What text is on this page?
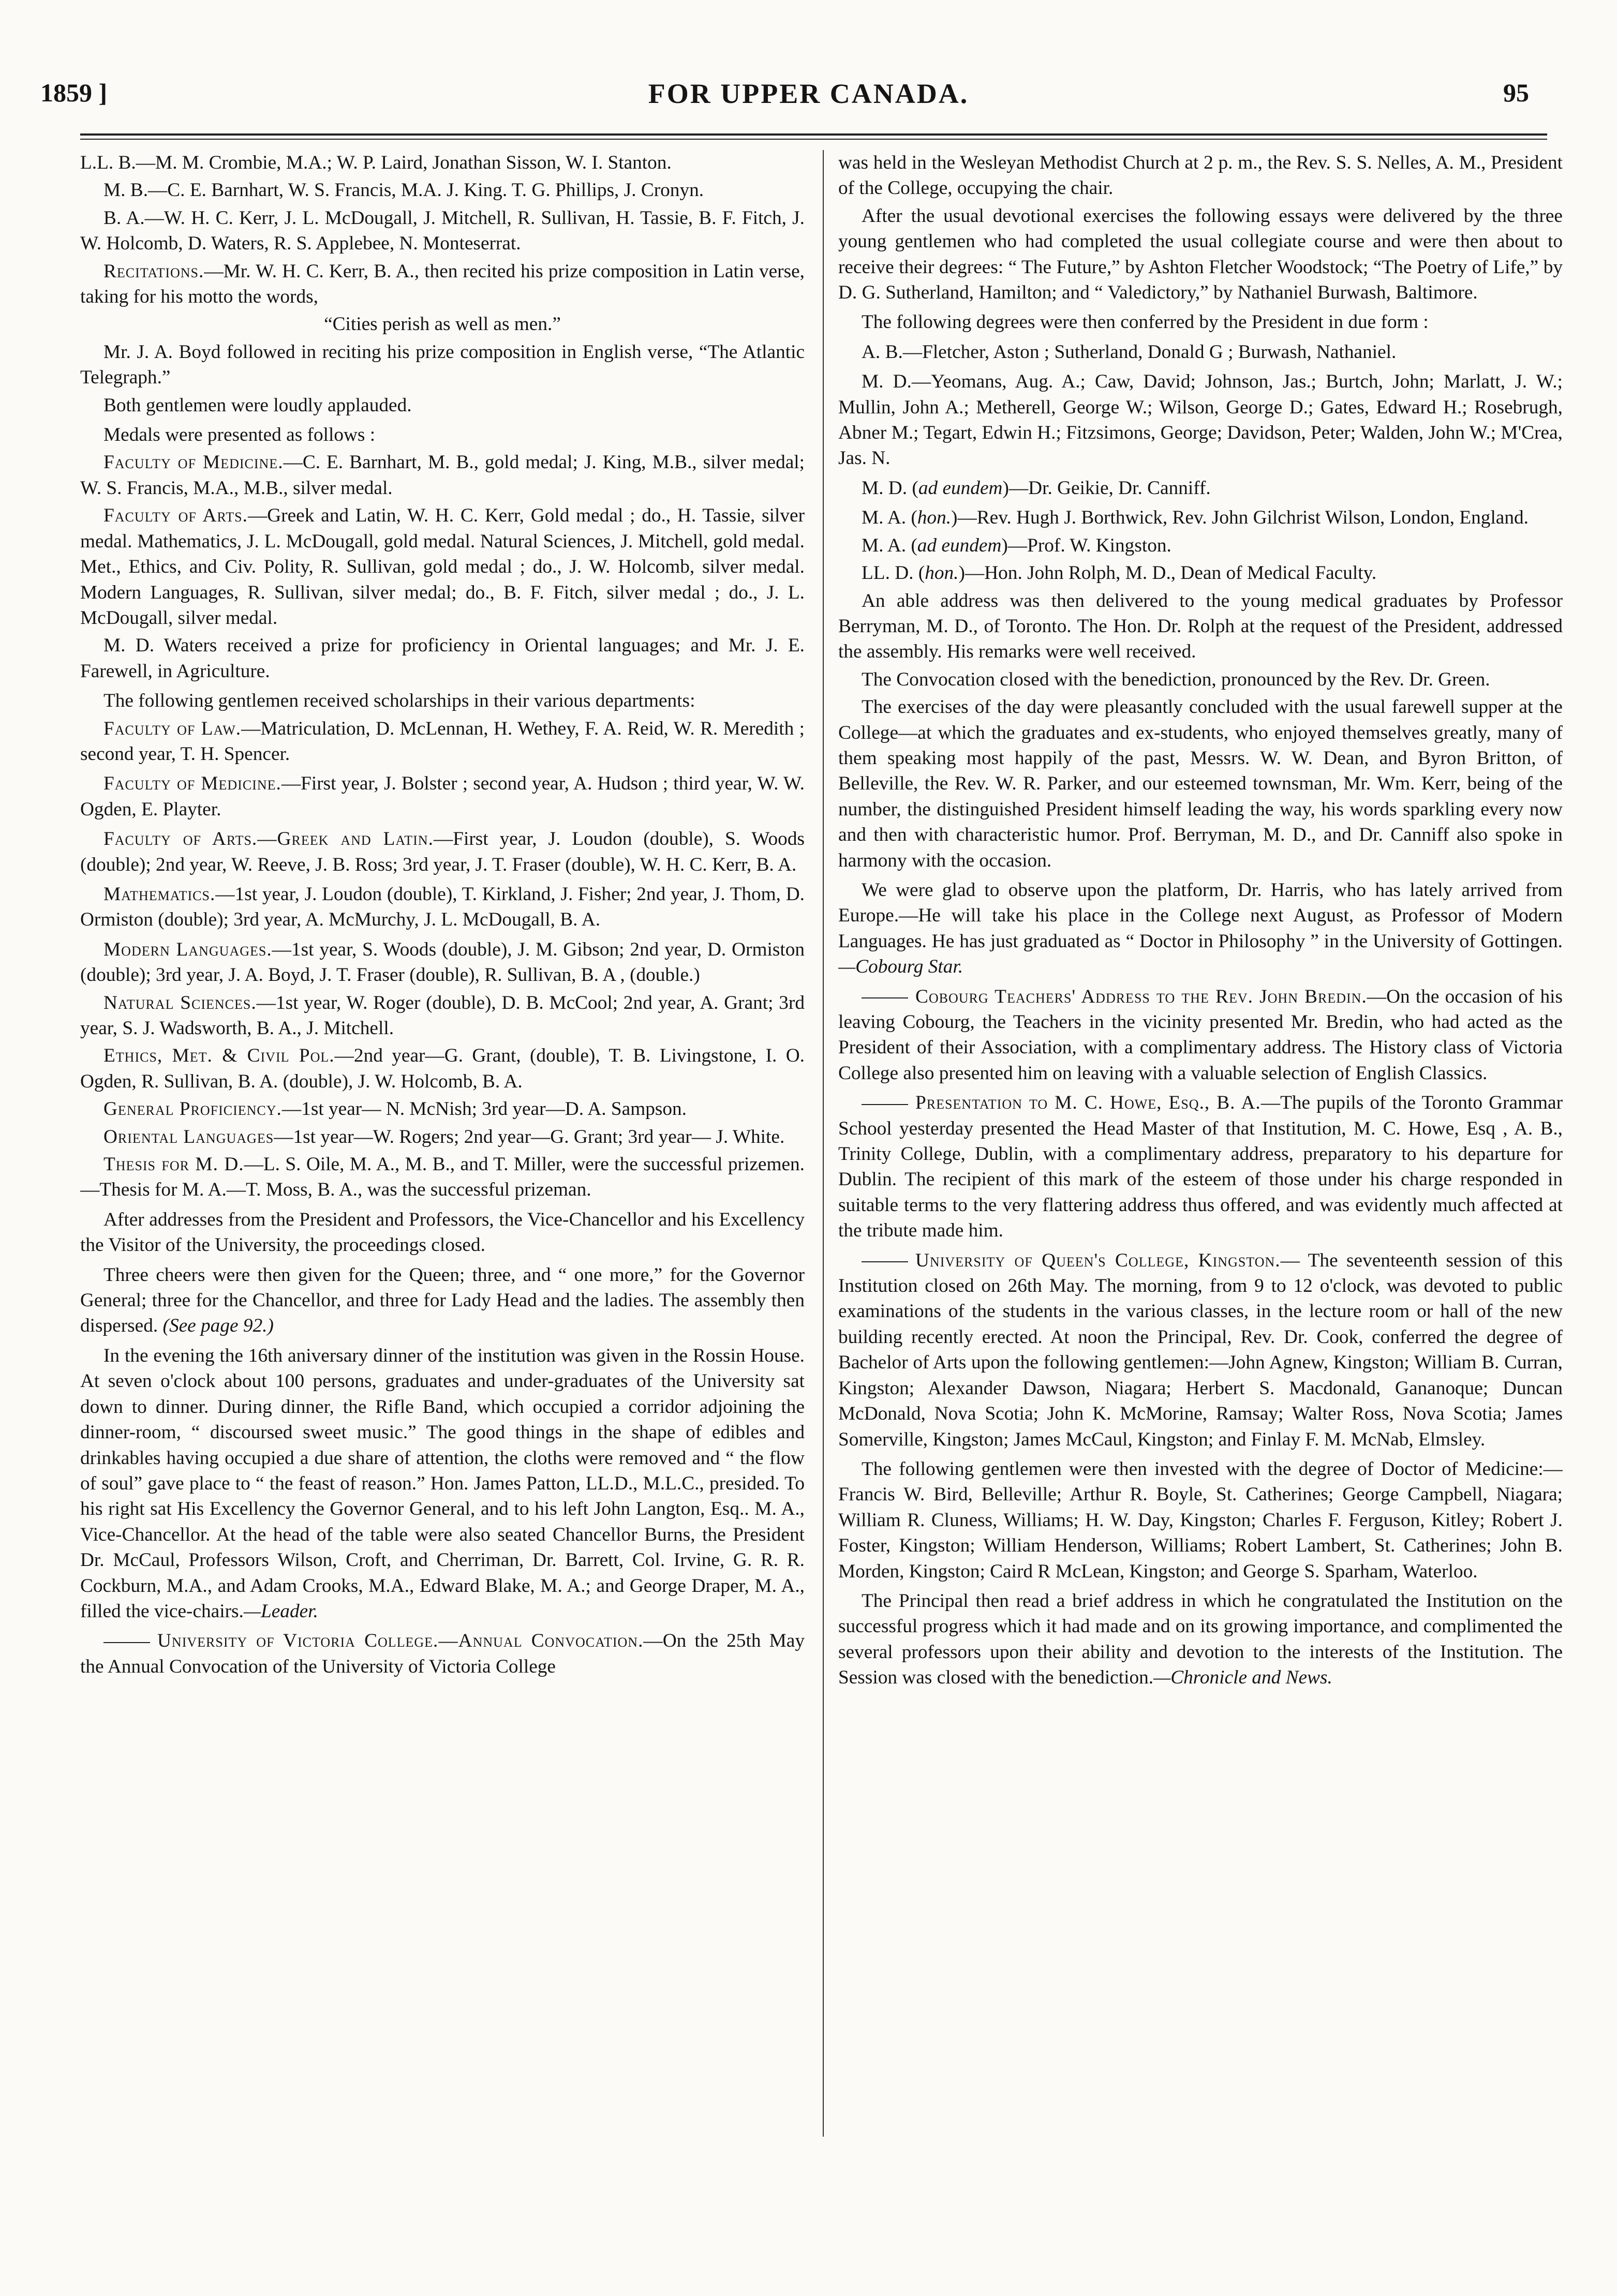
1859 ]	FOR UPPER CANADA.	95

L.L. B.—M. M. Crombie, M.A.; W. P. Laird, Jonathan Sisson, W. I. Stanton.

M. B.—C. E. Barnhart, W. S. Francis, M.A. J. King. T. G. Phillips, J. Cronyn.

B. A.—W. H. C. Kerr, J. L. McDougall, J. Mitchell, R. Sullivan, H. Tassie, B. F. Fitch, J. W. Holcomb, D. Waters, R. S. Applebee, N. Monteserrat.

Recitations.—Mr. W. H. C. Kerr, B. A., then recited his prize composition in Latin verse, taking for his motto the words,

“Cities perish as well as men.”

Mr. J. A. Boyd followed in reciting his prize composition in English verse, “The Atlantic Telegraph.”

Both gentlemen were loudly applauded.

Medals were presented as follows :

Faculty of Medicine.—C. E. Barnhart, M. B., gold medal; J. King, M.B., silver medal; W. S. Francis, M.A., M.B., silver medal.

Faculty of Arts.—Greek and Latin, W. H. C. Kerr, Gold medal ; do., H. Tassie, silver medal. Mathematics, J. L. McDougall, gold medal. Natural Sciences, J. Mitchell, gold medal. Met., Ethics, and Civ. Polity, R. Sullivan, gold medal ; do., J. W. Holcomb, silver medal. Modern Languages, R. Sullivan, silver medal; do., B. F. Fitch, silver medal ; do., J. L. McDougall, silver medal.

M. D. Waters received a prize for proficiency in Oriental languages; and Mr. J. E. Farewell, in Agriculture.

The following gentlemen received scholarships in their various departments:

Faculty of Law.—Matriculation, D. McLennan, H. Wethey, F. A. Reid, W. R. Meredith ; second year, T. H. Spencer.

Faculty of Medicine.—First year, J. Bolster ; second year, A. Hudson ; third year, W. W. Ogden, E. Playter.

Faculty of Arts.—Greek and Latin.—First year, J. Loudon (double), S. Woods (double); 2nd year, W. Reeve, J. B. Ross; 3rd year, J. T. Fraser (double), W. H. C. Kerr, B. A.

Mathematics.—1st year, J. Loudon (double), T. Kirkland, J. Fisher; 2nd year, J. Thom, D. Ormiston (double); 3rd year, A. McMurchy, J. L. McDougall, B. A.

Modern Languages.—1st year, S. Woods (double), J. M. Gibson; 2nd year, D. Ormiston (double); 3rd year, J. A. Boyd, J. T. Fraser (double), R. Sullivan, B. A , (double.)

Natural Sciences.—1st year, W. Roger (double), D. B. McCool; 2nd year, A. Grant; 3rd year, S. J. Wadsworth, B. A., J. Mitchell.

Ethics, Met. & Civil Pol.—2nd year—G. Grant, (double), T. B. Livingstone, I. O. Ogden, R. Sullivan, B. A. (double), J. W. Holcomb, B. A.

General Proficiency.—1st year— N. McNish; 3rd year—D. A. Sampson.

Oriental Languages—1st year—W. Rogers; 2nd year—G. Grant; 3rd year— J. White.

Thesis for M. D.—L. S. Oile, M. A., M. B., and T. Miller, were the successful prizemen.—Thesis for M. A.—T. Moss, B. A., was the successful prizeman.

After addresses from the President and Professors, the Vice-Chancellor and his Excellency the Visitor of the University, the proceedings closed.

Three cheers were then given for the Queen; three, and “ one more,” for the Governor General; three for the Chancellor, and three for Lady Head and the ladies. The assembly then dispersed. (See page 92.)

In the evening the 16th aniversary dinner of the institution was given in the Rossin House. At seven o'clock about 100 persons, graduates and under-graduates of the University sat down to dinner. During dinner, the Rifle Band, which occupied a corridor adjoining the dinner-room, “ discoursed sweet music.” The good things in the shape of edibles and drinkables having occupied a due share of attention, the cloths were removed and “ the flow of soul” gave place to “ the feast of reason.” Hon. James Patton, LL.D., M.L.C., presided. To his right sat His Excellency the Governor General, and to his left John Langton, Esq.. M. A., Vice-Chancellor. At the head of the table were also seated Chancellor Burns, the President Dr. McCaul, Professors Wilson, Croft, and Cherriman, Dr. Barrett, Col. Irvine, G. R. R. Cockburn, M.A., and Adam Crooks, M.A., Edward Blake, M. A.; and George Draper, M. A., filled the vice-chairs.—Leader.

University of Victoria College.—Annual Convocation.—On the 25th May the Annual Convocation of the University of Victoria College

was held in the Wesleyan Methodist Church at 2 p. m., the Rev. S. S. Nelles, A. M., President of the College, occupying the chair.

After the usual devotional exercises the following essays were delivered by the three young gentlemen who had completed the usual collegiate course and were then about to receive their degrees: “ The Future,” by Ashton Fletcher Woodstock; “The Poetry of Life,” by D. G. Sutherland, Hamilton; and “ Valedictory,” by Nathaniel Burwash, Baltimore.

The following degrees were then conferred by the President in due form :

A. B.—Fletcher, Aston ; Sutherland, Donald G ; Burwash, Nathaniel.

M. D.—Yeomans, Aug. A.; Caw, David; Johnson, Jas.; Burtch, John; Marlatt, J. W.; Mullin, John A.; Metherell, George W.; Wilson, George D.; Gates, Edward H.; Rosebrugh, Abner M.; Tegart, Edwin H.; Fitzsimons, George; Davidson, Peter; Walden, John W.; M'Crea, Jas. N.

M. D. (ad eundem)—Dr. Geikie, Dr. Canniff.

M. A. (hon.)—Rev. Hugh J. Borthwick, Rev. John Gilchrist Wilson, London, England.

M. A. (ad eundem)—Prof. W. Kingston.

LL. D. (hon.)—Hon. John Rolph, M. D., Dean of Medical Faculty.

An able address was then delivered to the young medical graduates by Professor Berryman, M. D., of Toronto. The Hon. Dr. Rolph at the request of the President, addressed the assembly. His remarks were well received.

The Convocation closed with the benediction, pronounced by the Rev. Dr. Green.

The exercises of the day were pleasantly concluded with the usual farewell supper at the College—at which the graduates and ex-students, who enjoyed themselves greatly, many of them speaking most happily of the past, Messrs. W. W. Dean, and Byron Britton, of Belleville, the Rev. W. R. Parker, and our esteemed townsman, Mr. Wm. Kerr, being of the number, the distinguished President himself leading the way, his words sparkling every now and then with characteristic humor. Prof. Berryman, M. D., and Dr. Canniff also spoke in harmony with the occasion.

We were glad to observe upon the platform, Dr. Harris, who has lately arrived from Europe.—He will take his place in the College next August, as Professor of Modern Languages. He has just graduated as “ Doctor in Philosophy ” in the University of Gottingen.—Cobourg Star.

Cobourg Teachers' Address to the Rev. John Bredin.—On the occasion of his leaving Cobourg, the Teachers in the vicinity presented Mr. Bredin, who had acted as the President of their Association, with a complimentary address. The History class of Victoria College also presented him on leaving with a valuable selection of English Classics.

Presentation to M. C. Howe, Esq., B. A.—The pupils of the Toronto Grammar School yesterday presented the Head Master of that Institution, M. C. Howe, Esq , A. B., Trinity College, Dublin, with a complimentary address, preparatory to his departure for Dublin. The recipient of this mark of the esteem of those under his charge responded in suitable terms to the very flattering address thus offered, and was evidently much affected at the tribute made him.

University of Queen's College, Kingston.— The seventeenth session of this Institution closed on 26th May. The morning, from 9 to 12 o'clock, was devoted to public examinations of the students in the various classes, in the lecture room or hall of the new building recently erected. At noon the Principal, Rev. Dr. Cook, conferred the degree of Bachelor of Arts upon the following gentlemen:—John Agnew, Kingston; William B. Curran, Kingston; Alexander Dawson, Niagara; Herbert S. Macdonald, Gananoque; Duncan McDonald, Nova Scotia; John K. McMorine, Ramsay; Walter Ross, Nova Scotia; James Somerville, Kingston; James McCaul, Kingston; and Finlay F. M. McNab, Elmsley.

The following gentlemen were then invested with the degree of Doctor of Medicine:—Francis W. Bird, Belleville; Arthur R. Boyle, St. Catherines; George Campbell, Niagara; William R. Cluness, Williams; H. W. Day, Kingston; Charles F. Ferguson, Kitley; Robert J. Foster, Kingston; William Henderson, Williams; Robert Lambert, St. Catherines; John B. Morden, Kingston; Caird R McLean, Kingston; and George S. Sparham, Waterloo.

The Principal then read a brief address in which he congratulated the Institution on the successful progress which it had made and on its growing importance, and complimented the several professors upon their ability and devotion to the interests of the Institution. The Session was closed with the benediction.—Chronicle and News.
